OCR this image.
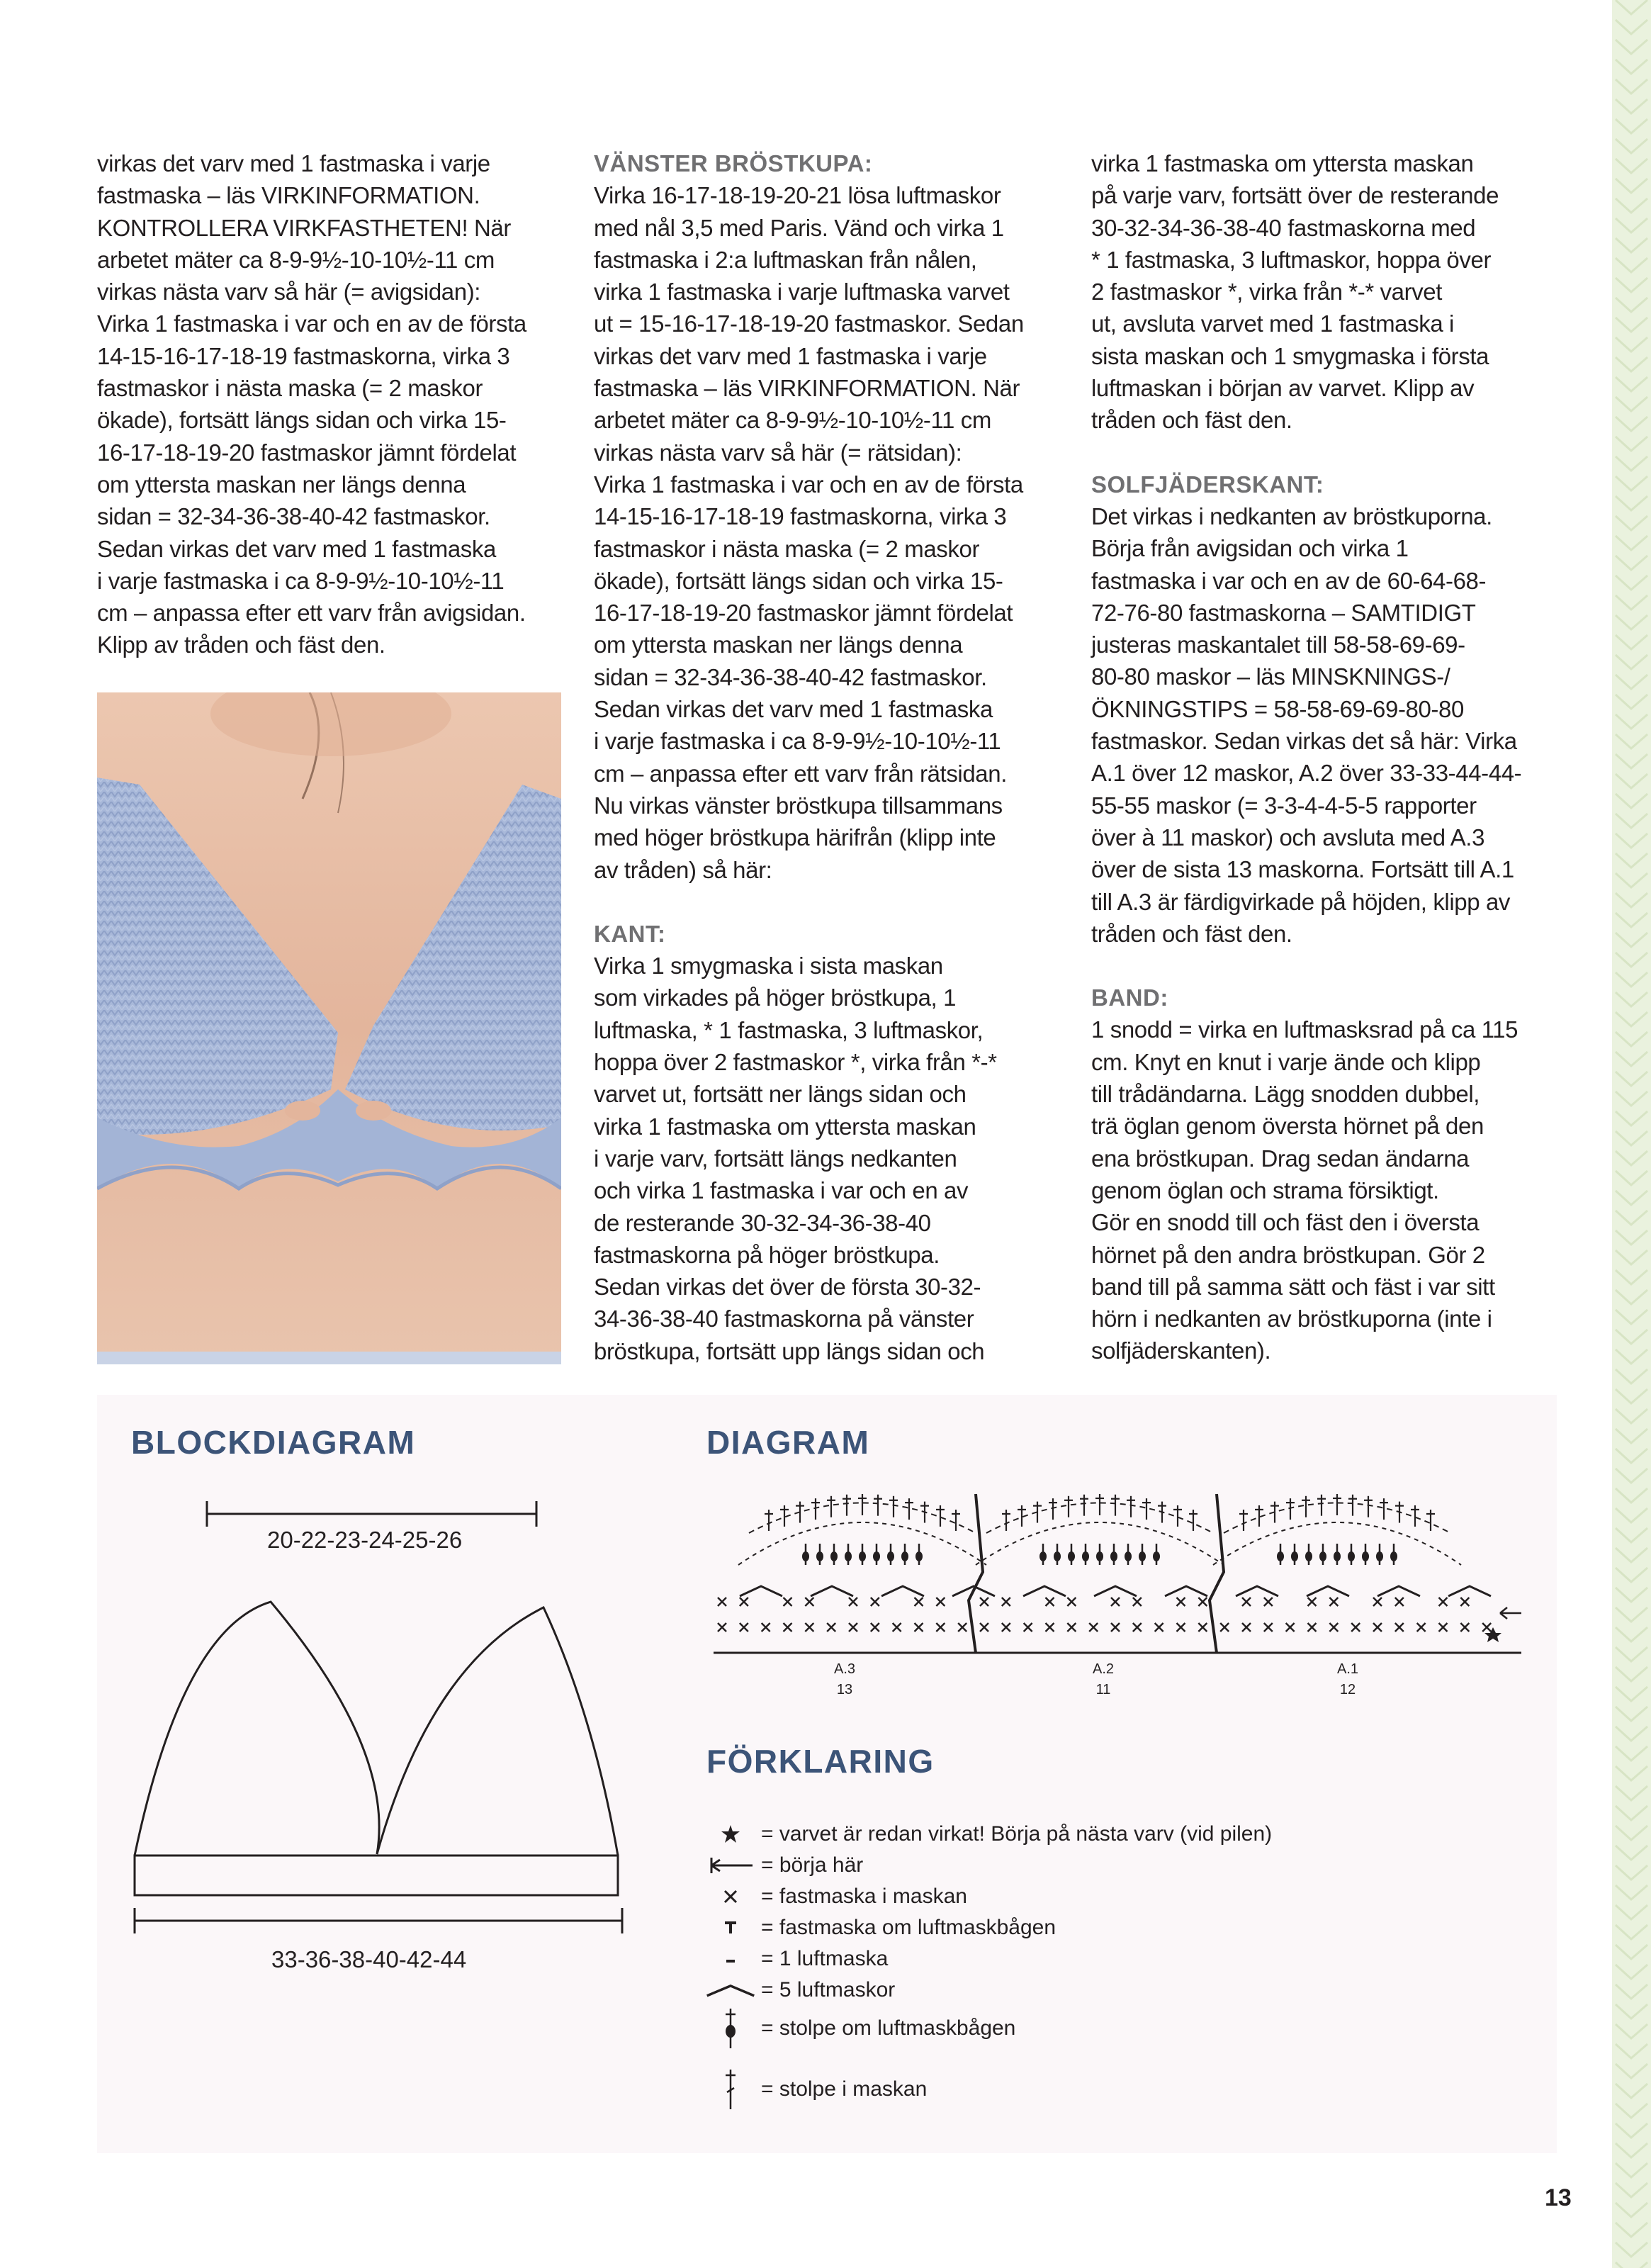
virkas det varv med 1 fastmaska i varje
fastmaska – läs VIRKINFORMATION.
KONTROLLERA VIRKFASTHETEN! När
arbetet mäter ca 8-9-9½-10-10½-11 cm
virkas nästa varv så här (= avigsidan):
Virka 1 fastmaska i var och en av de första
14-15-16-17-18-19 fastmaskorna, virka 3
fastmaskor i nästa maska (= 2 maskor
ökade), fortsätt längs sidan och virka 15-
16-17-18-19-20 fastmaskor jämnt fördelat
om yttersta maskan ner längs denna
sidan = 32-34-36-38-40-42 fastmaskor.
Sedan virkas det varv med 1 fastmaska
i varje fastmaska i ca 8-9-9½-10-10½-11
cm – anpassa efter ett varv från avigsidan.
Klipp av tråden och fäst den.

VÄNSTER BRÖSTKUPA:

Virka 16-17-18-19-20-21 lösa luftmaskor
med nål 3,5 med Paris. Vänd och virka 1
fastmaska i 2:a luftmaskan från nålen,
virka 1 fastmaska i varje luftmaska varvet
ut = 15-16-17-18-19-20 fastmaskor. Sedan
virkas det varv med 1 fastmaska i varje
fastmaska – läs VIRKINFORMATION. När
arbetet mäter ca 8-9-9½-10-10½-11 cm
virkas nästa varv så här (= rätsidan):
Virka 1 fastmaska i var och en av de första
14-15-16-17-18-19 fastmaskorna, virka 3
fastmaskor i nästa maska (= 2 maskor
ökade), fortsätt längs sidan och virka 15-
16-17-18-19-20 fastmaskor jämnt fördelat
om yttersta maskan ner längs denna
sidan = 32-34-36-38-40-42 fastmaskor.
Sedan virkas det varv med 1 fastmaska
i varje fastmaska i ca 8-9-9½-10-10½-11
cm – anpassa efter ett varv från rätsidan.
Nu virkas vänster bröstkupa tillsammans
med höger bröstkupa härifrån (klipp inte
av tråden) så här:

KANT:

Virka 1 smygmaska i sista maskan
som virkades på höger bröstkupa, 1
luftmaska, * 1 fastmaska, 3 luftmaskor,
hoppa över 2 fastmaskor *, virka från *-*
varvet ut, fortsätt ner längs sidan och
virka 1 fastmaska om yttersta maskan
i varje varv, fortsätt längs nedkanten
och virka 1 fastmaska i var och en av
de resterande 30-32-34-36-38-40
fastmaskorna på höger bröstkupa.
Sedan virkas det över de första 30-32-
34-36-38-40 fastmaskorna på vänster
bröstkupa, fortsätt upp längs sidan och

virka 1 fastmaska om yttersta maskan
på varje varv, fortsätt över de resterande
30-32-34-36-38-40 fastmaskorna med
* 1 fastmaska, 3 luftmaskor, hoppa över
2 fastmaskor *, virka från *-* varvet
ut, avsluta varvet med 1 fastmaska i
sista maskan och 1 smygmaska i första
luftmaskan i början av varvet. Klipp av
tråden och fäst den.

SOLFJÄDERSKANT:

Det virkas i nedkanten av bröstkuporna.
Börja från avigsidan och virka 1
fastmaska i var och en av de 60-64-68-
72-76-80 fastmaskorna – SAMTIDIGT
justeras maskantalet till 58-58-69-69-
80-80 maskor – läs MINSKNINGS-/
ÖKNINGSTIPS = 58-58-69-69-80-80
fastmaskor. Sedan virkas det så här: Virka
A.1 över 12 maskor, A.2 över 33-33-44-44-
55-55 maskor (= 3-3-4-4-5-5 rapporter
över à 11 maskor) och avsluta med A.3
över de sista 13 maskorna. Fortsätt till A.1
till A.3 är färdigvirkade på höjden, klipp av
tråden och fäst den.

BAND:

1 snodd = virka en luftmasksrad på ca 115
cm. Knyt en knut i varje ände och klipp
till trådändarna. Lägg snodden dubbel,
trä öglan genom översta hörnet på den
ena bröstkupan. Drag sedan ändarna
genom öglan och strama försiktigt.
Gör en snodd till och fäst den i översta
hörnet på den andra bröstkupan. Gör 2
band till på samma sätt och fäst i var sitt
hörn i nedkanten av bröstkuporna (inte i
solfjäderskanten).

BLOCKDIAGRAM

20-22-23-24-25-26
33-36-38-40-42-44

DIAGRAM

A.3
13
A.2
11
A.1
12

FÖRKLARING

= varvet är redan virkat! Börja på nästa varv (vid pilen)
= börja här
= fastmaska i maskan
= fastmaska om luftmaskbågen
= 1 luftmaska
= 5 luftmaskor
= stolpe om luftmaskbågen
= stolpe i maskan
13
